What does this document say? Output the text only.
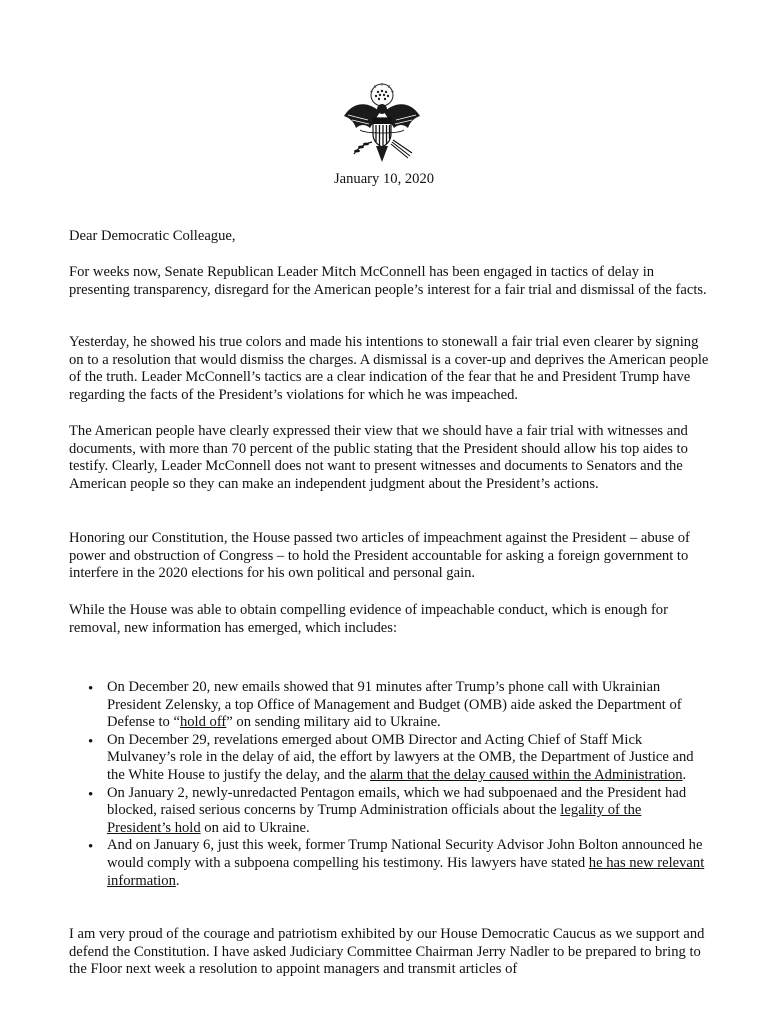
January 10, 2020

Dear Democratic Colleague,

For weeks now, Senate Republican Leader Mitch McConnell has been engaged in tactics of delay in presenting transparency, disregard for the American people’s interest for a fair trial and dismissal of the facts.

Yesterday, he showed his true colors and made his intentions to stonewall a fair trial even clearer by signing on to a resolution that would dismiss the charges. A dismissal is a cover-up and deprives the American people of the truth. Leader McConnell’s tactics are a clear indication of the fear that he and President Trump have regarding the facts of the President’s violations for which he was impeached.

The American people have clearly expressed their view that we should have a fair trial with witnesses and documents, with more than 70 percent of the public stating that the President should allow his top aides to testify. Clearly, Leader McConnell does not want to present witnesses and documents to Senators and the American people so they can make an independent judgment about the President’s actions.

Honoring our Constitution, the House passed two articles of impeachment against the President – abuse of power and obstruction of Congress – to hold the President accountable for asking a foreign government to interfere in the 2020 elections for his own political and personal gain.

While the House was able to obtain compelling evidence of impeachable conduct, which is enough for removal, new information has emerged, which includes:

• On December 20, new emails showed that 91 minutes after Trump’s phone call with Ukrainian President Zelensky, a top Office of Management and Budget (OMB) aide asked the Department of Defense to “hold off” on sending military aid to Ukraine.
• On December 29, revelations emerged about OMB Director and Acting Chief of Staff Mick Mulvaney’s role in the delay of aid, the effort by lawyers at the OMB, the Department of Justice and the White House to justify the delay, and the alarm that the delay caused within the Administration.
• On January 2, newly-unredacted Pentagon emails, which we had subpoenaed and the President had blocked, raised serious concerns by Trump Administration officials about the legality of the President’s hold on aid to Ukraine.
• And on January 6, just this week, former Trump National Security Advisor John Bolton announced he would comply with a subpoena compelling his testimony. His lawyers have stated he has new relevant information.

I am very proud of the courage and patriotism exhibited by our House Democratic Caucus as we support and defend the Constitution. I have asked Judiciary Committee Chairman Jerry Nadler to be prepared to bring to the Floor next week a resolution to appoint managers and transmit articles of
